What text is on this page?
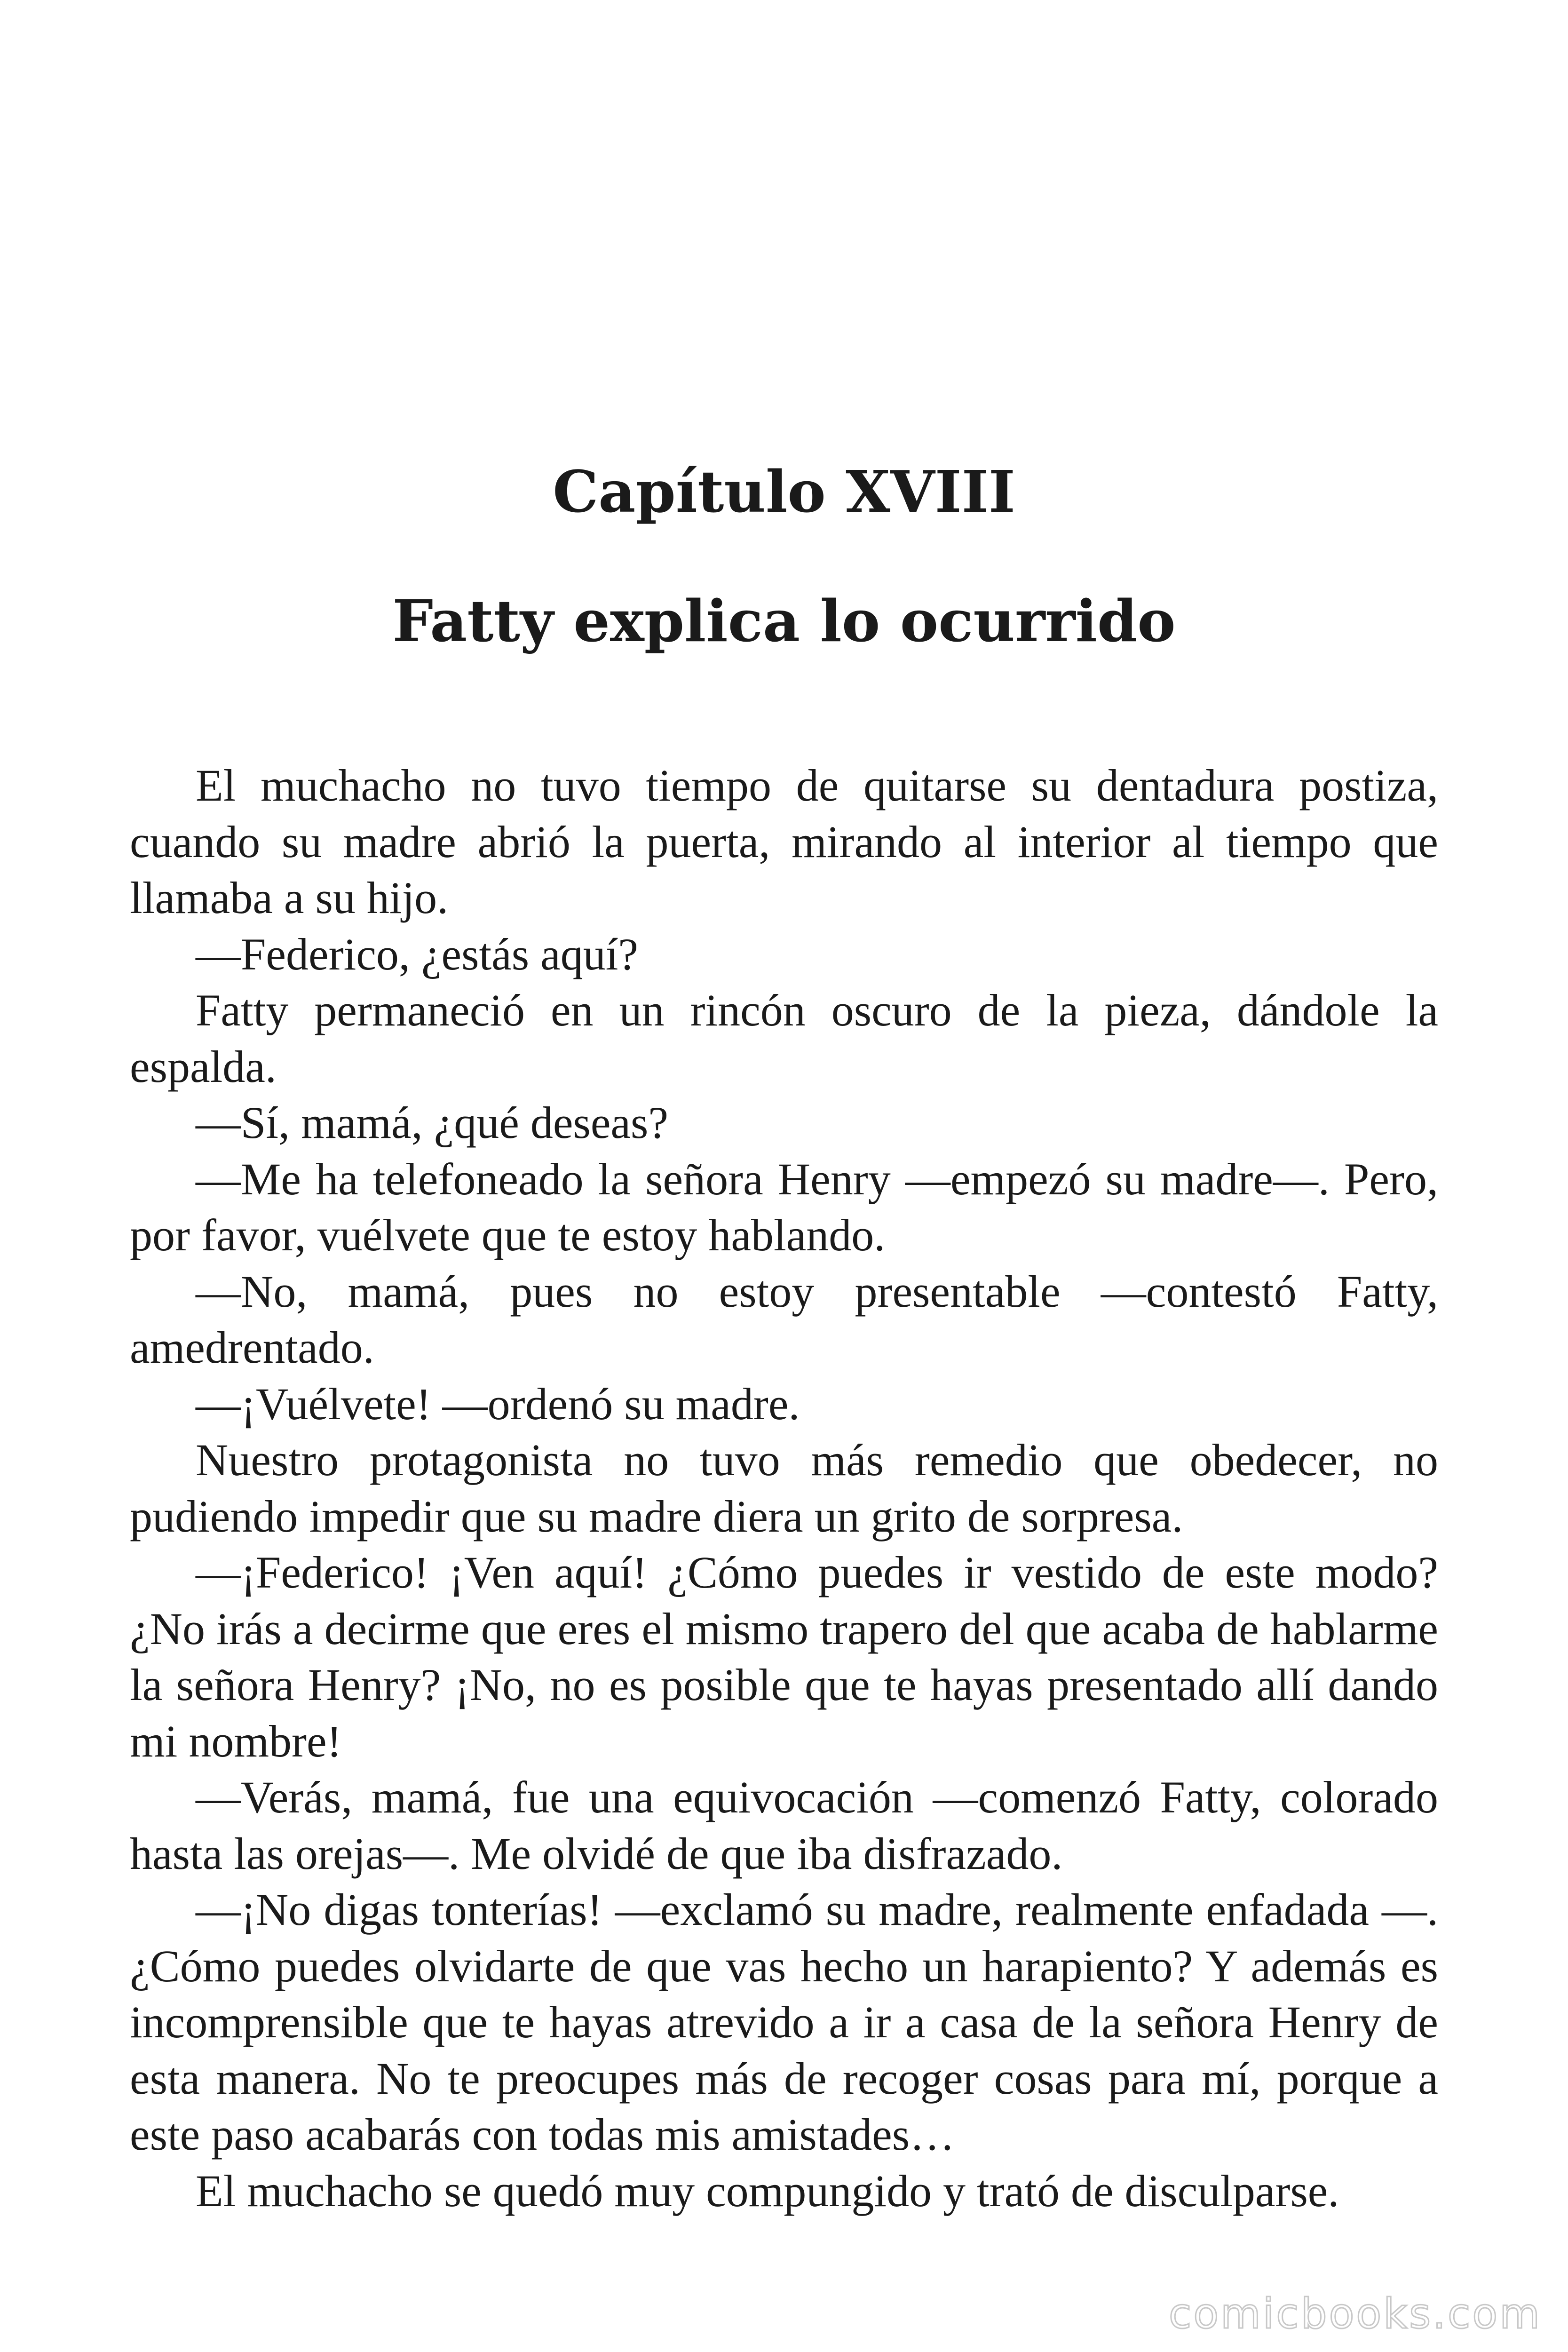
Capítulo XVIII
Fatty explica lo ocurrido

El muchacho no tuvo tiempo de quitarse su dentadura postiza, cuando su madre abrió la puerta, mirando al interior al tiempo que llamaba a su hijo.

—Federico, ¿estás aquí?

Fatty permaneció en un rincón oscuro de la pieza, dándole la espalda.

—Sí, mamá, ¿qué deseas?

—Me ha telefoneado la señora Henry —empezó su madre—. Pero, por favor, vuélvete que te estoy hablando.

—No, mamá, pues no estoy presentable —contestó Fatty, amedrentado.

—¡Vuélvete! —ordenó su madre.

Nuestro protagonista no tuvo más remedio que obedecer, no pudiendo impedir que su madre diera un grito de sorpresa.

—¡Federico! ¡Ven aquí! ¿Cómo puedes ir vestido de este modo? ¿No irás a decirme que eres el mismo trapero del que acaba de hablarme la señora Henry? ¡No, no es posible que te hayas presentado allí dando mi nombre!

—Verás, mamá, fue una equivocación —comenzó Fatty, colorado hasta las orejas—. Me olvidé de que iba disfrazado.

—¡No digas tonterías! —exclamó su madre, realmente enfadada —. ¿Cómo puedes olvidarte de que vas hecho un harapiento? Y además es incomprensible que te hayas atrevido a ir a casa de la señora Henry de esta manera. No te preocupes más de recoger cosas para mí, porque a este paso acabarás con todas mis amistades…

El muchacho se quedó muy compungido y trató de disculparse.

comicbooks.com
